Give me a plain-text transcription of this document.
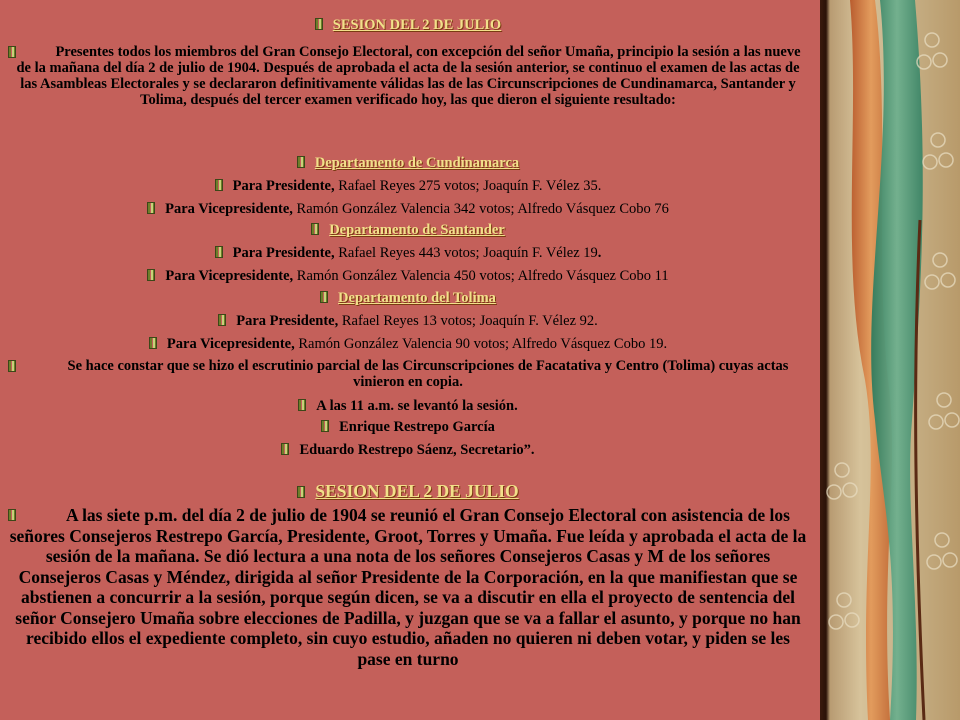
SESION DEL 2 DE JULIO
Presentes todos los miembros del Gran Consejo Electoral, con excepción del señor Umaña, principio la sesión a las nueve de la mañana del día 2 de julio de 1904. Después de aprobada el acta de la sesión anterior, se continuo el examen de las actas de las Asambleas Electorales y se declararon definitivamente válidas las de las Circunscripciones de Cundinamarca, Santander y Tolima, después del tercer examen verificado hoy, las que dieron el siguiente resultado:
Departamento de Cundinamarca
Para Presidente, Rafael Reyes 275 votos; Joaquín F. Vélez 35.
Para Vicepresidente, Ramón González Valencia 342 votos; Alfredo Vásquez Cobo 76
Departamento de Santander
Para Presidente, Rafael Reyes 443 votos; Joaquín F. Vélez 19.
Para Vicepresidente, Ramón González Valencia 450 votos; Alfredo Vásquez Cobo 11
Departamento del Tolima
Para Presidente, Rafael Reyes 13 votos; Joaquín F. Vélez 92.
Para Vicepresidente, Ramón González Valencia 90 votos; Alfredo Vásquez Cobo 19.
Se hace constar que se hizo el escrutinio parcial de las Circunscripciones de Facatativa y Centro (Tolima) cuyas actas vinieron en copia.
A las 11 a.m. se levantó la sesión.
Enrique Restrepo García
Eduardo Restrepo Sáenz, Secretario”.
SESION DEL 2 DE JULIO
A las siete p.m. del día 2 de julio de 1904 se reunió el Gran Consejo Electoral con asistencia de los señores Consejeros Restrepo García, Presidente, Groot, Torres y Umaña. Fue leída y aprobada el acta de la sesión de la mañana. Se dió lectura a una nota de los señores Consejeros Casas y M de los señores Consejeros Casas y Méndez, dirigida al señor Presidente de la Corporación, en la que manifiestan que se abstienen a concurrir a la sesión, porque según dicen, se va a discutir en ella el proyecto de sentencia del señor Consejero Umaña sobre elecciones de Padilla, y juzgan que se va a fallar el asunto, y porque no han recibido ellos el expediente completo, sin cuyo estudio, añaden no quieren ni deben votar, y piden se les pase en turno
